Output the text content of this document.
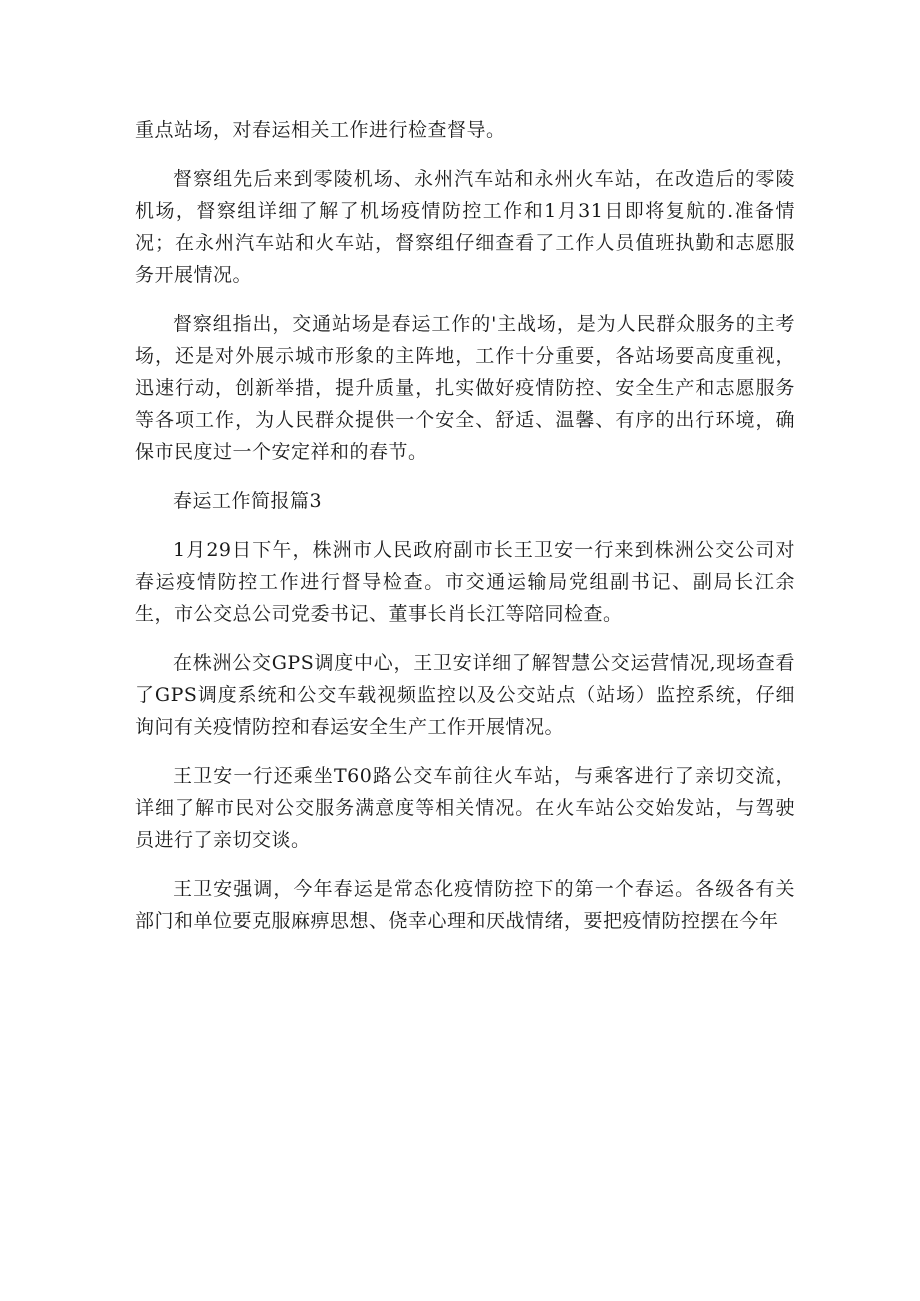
重点站场，对春运相关工作进行检查督导。

督察组先后来到零陵机场、永州汽车站和永州火车站，在改造后的零陵机场，督察组详细了解了机场疫情防控工作和1月31日即将复航的.准备情况；在永州汽车站和火车站，督察组仔细查看了工作人员值班执勤和志愿服务开展情况。

督察组指出，交通站场是春运工作的'主战场，是为人民群众服务的主考场，还是对外展示城市形象的主阵地，工作十分重要，各站场要高度重视，迅速行动，创新举措，提升质量，扎实做好疫情防控、安全生产和志愿服务等各项工作，为人民群众提供一个安全、舒适、温馨、有序的出行环境，确保市民度过一个安定祥和的春节。

春运工作简报篇3

1月29日下午，株洲市人民政府副市长王卫安一行来到株洲公交公司对春运疫情防控工作进行督导检查。市交通运输局党组副书记、副局长江余生，市公交总公司党委书记、董事长肖长江等陪同检查。

在株洲公交GPS调度中心，王卫安详细了解智慧公交运营情况,现场查看了GPS调度系统和公交车载视频监控以及公交站点（站场）监控系统，仔细询问有关疫情防控和春运安全生产工作开展情况。

王卫安一行还乘坐T60路公交车前往火车站，与乘客进行了亲切交流，详细了解市民对公交服务满意度等相关情况。在火车站公交始发站，与驾驶员进行了亲切交谈。

王卫安强调，今年春运是常态化疫情防控下的第一个春运。各级各有关部门和单位要克服麻痹思想、侥幸心理和厌战情绪，要把疫情防控摆在今年
